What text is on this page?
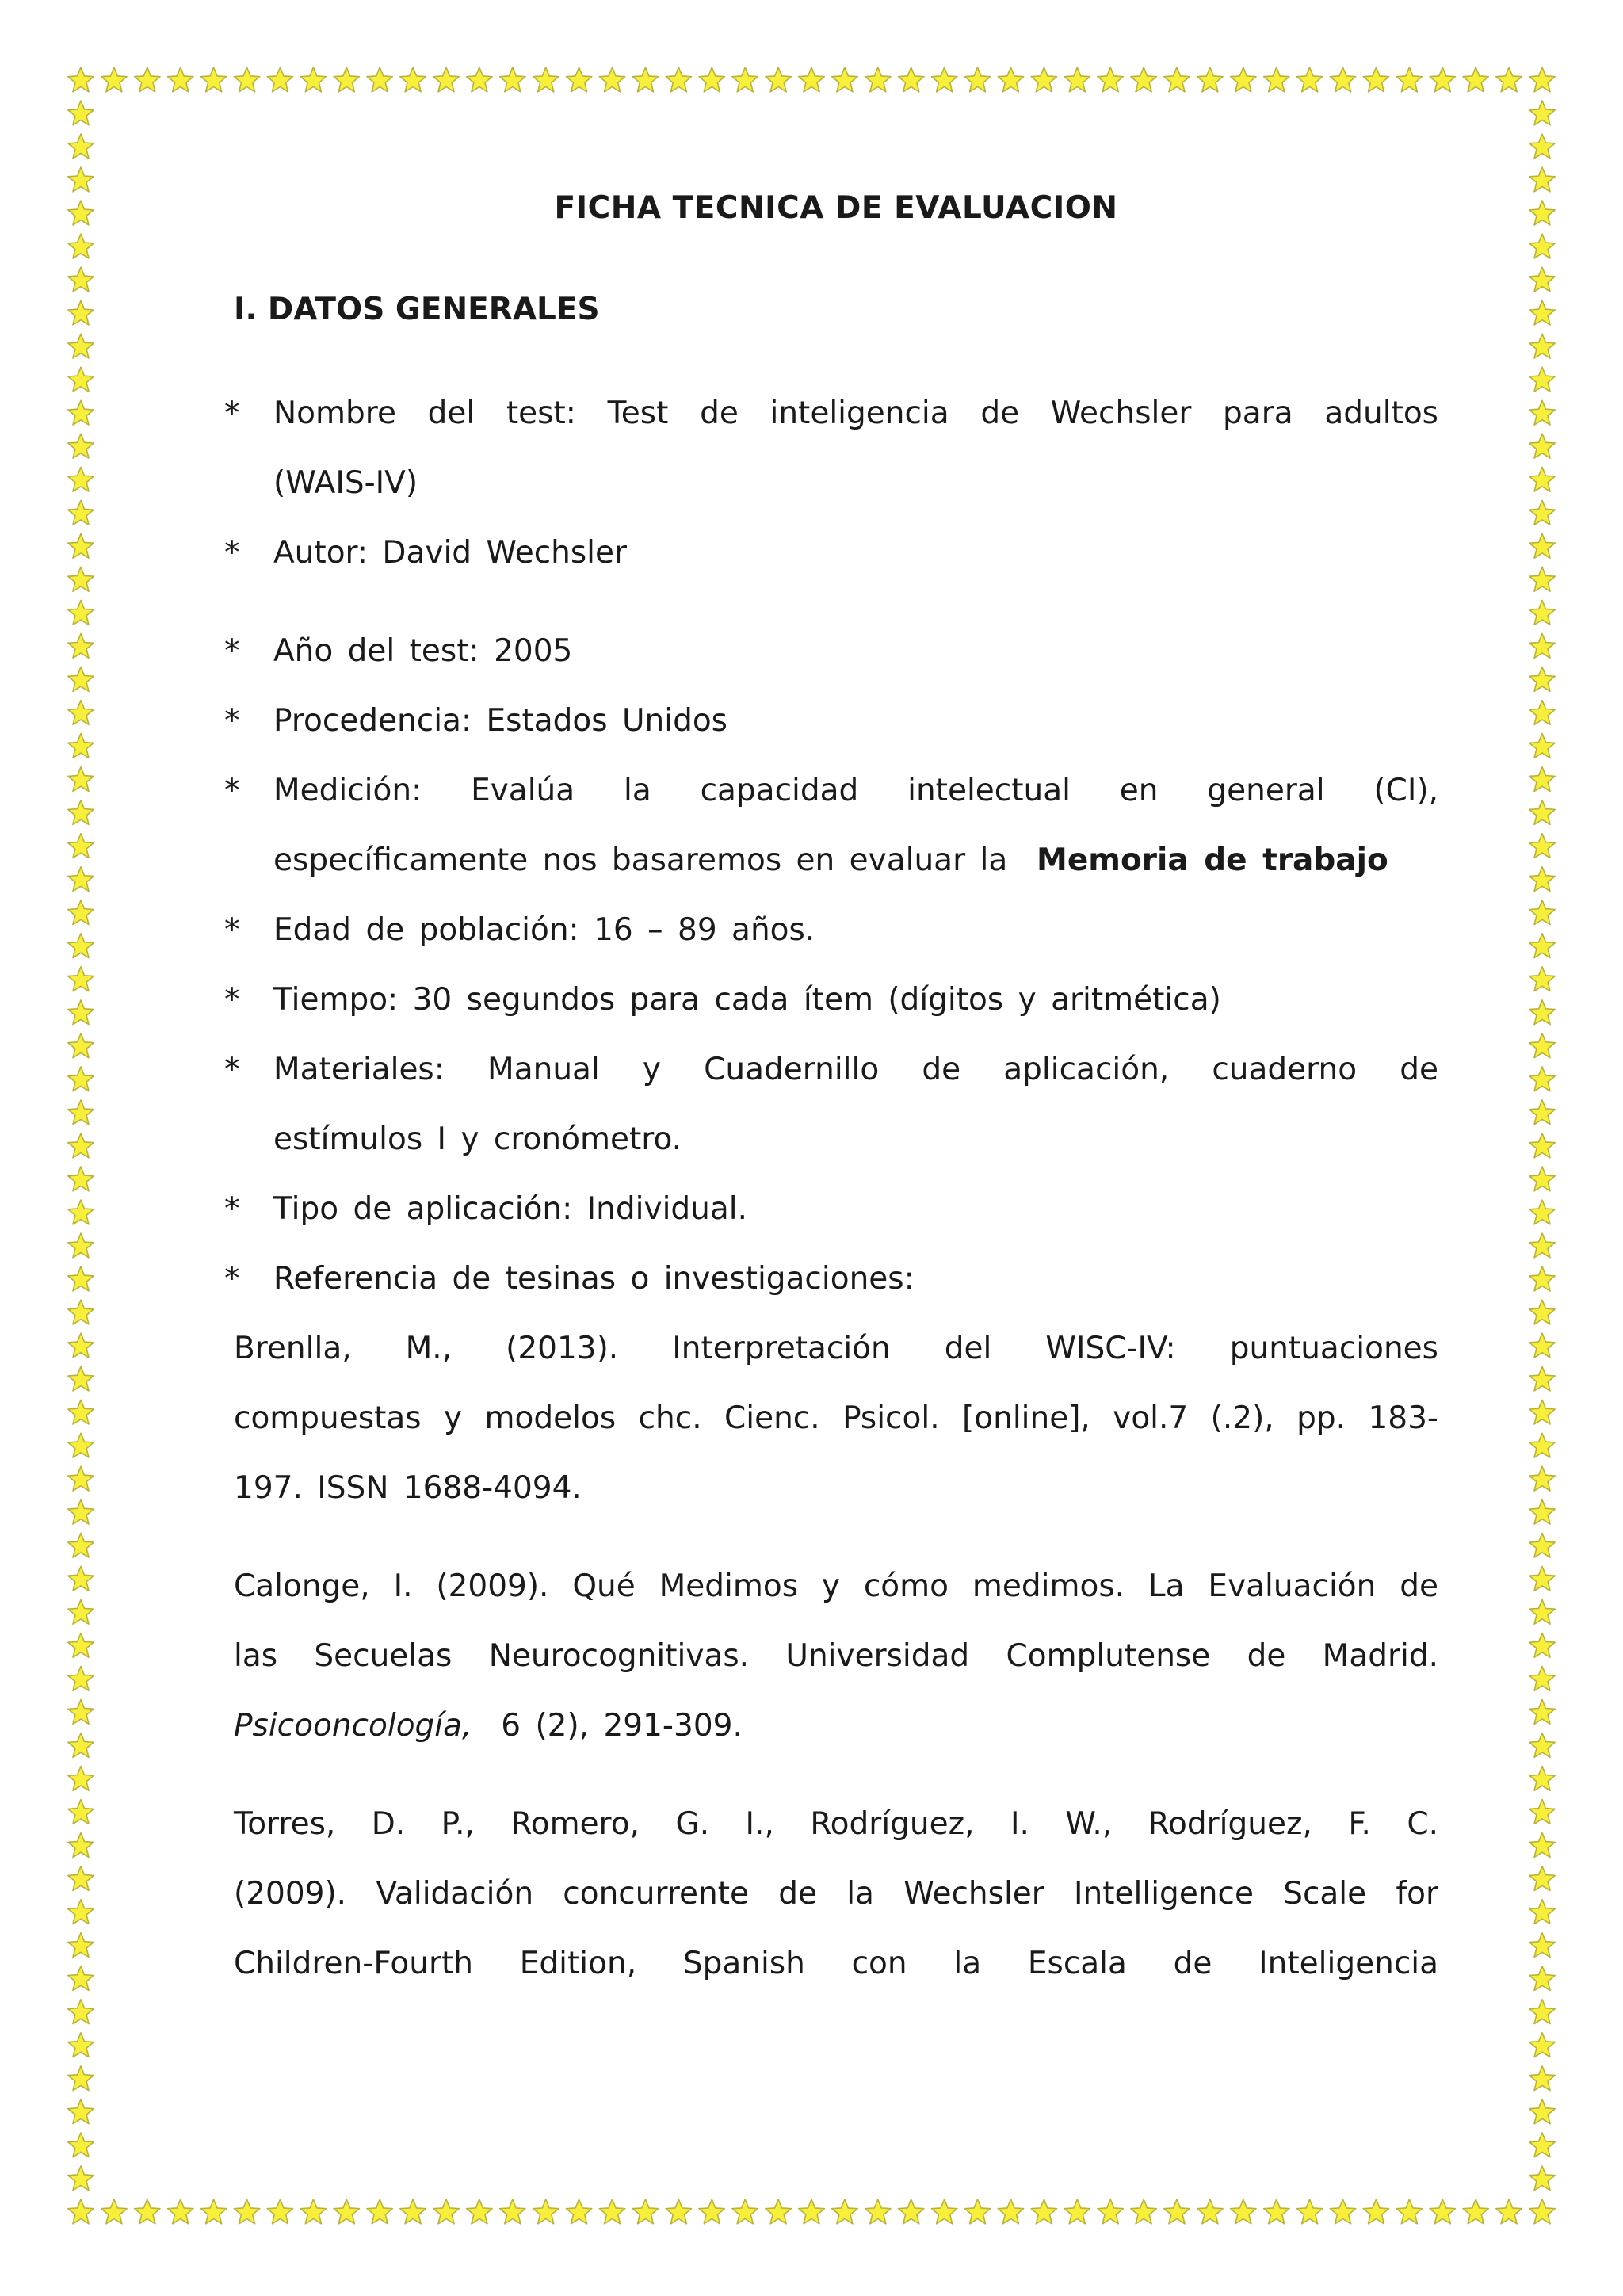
FICHA TECNICA DE EVALUACION
I. DATOS GENERALES
*	Nombre del test: Test de inteligencia de Wechsler para adultos
(WAIS-IV)
*	Autor: David Wechsler
*	Año del test: 2005
*	Procedencia: Estados Unidos
*	Medición: Evalúa la capacidad intelectual en general (CI),
específicamente nos basaremos en evaluar la Memoria de trabajo
*	Edad de población: 16 – 89 años.
*	Tiempo: 30 segundos para cada ítem (dígitos y aritmética)
*	Materiales: Manual y Cuadernillo de aplicación, cuaderno de
estímulos I y cronómetro.
*	Tipo de aplicación: Individual.
*	Referencia de tesinas o investigaciones:
Brenlla, M., (2013). Interpretación del WISC-IV: puntuaciones
compuestas y modelos chc. Cienc. Psicol. [online], vol.7 (.2), pp. 183-
197. ISSN 1688-4094.
Calonge, I. (2009). Qué Medimos y cómo medimos. La Evaluación de
las Secuelas Neurocognitivas. Universidad Complutense de Madrid.
Psicooncología, 6 (2), 291-309.
Torres, D. P., Romero, G. I., Rodríguez, I. W., Rodríguez, F. C.
(2009). Validación concurrente de la Wechsler Intelligence Scale for
Children-Fourth Edition, Spanish con la Escala de Inteligencia
